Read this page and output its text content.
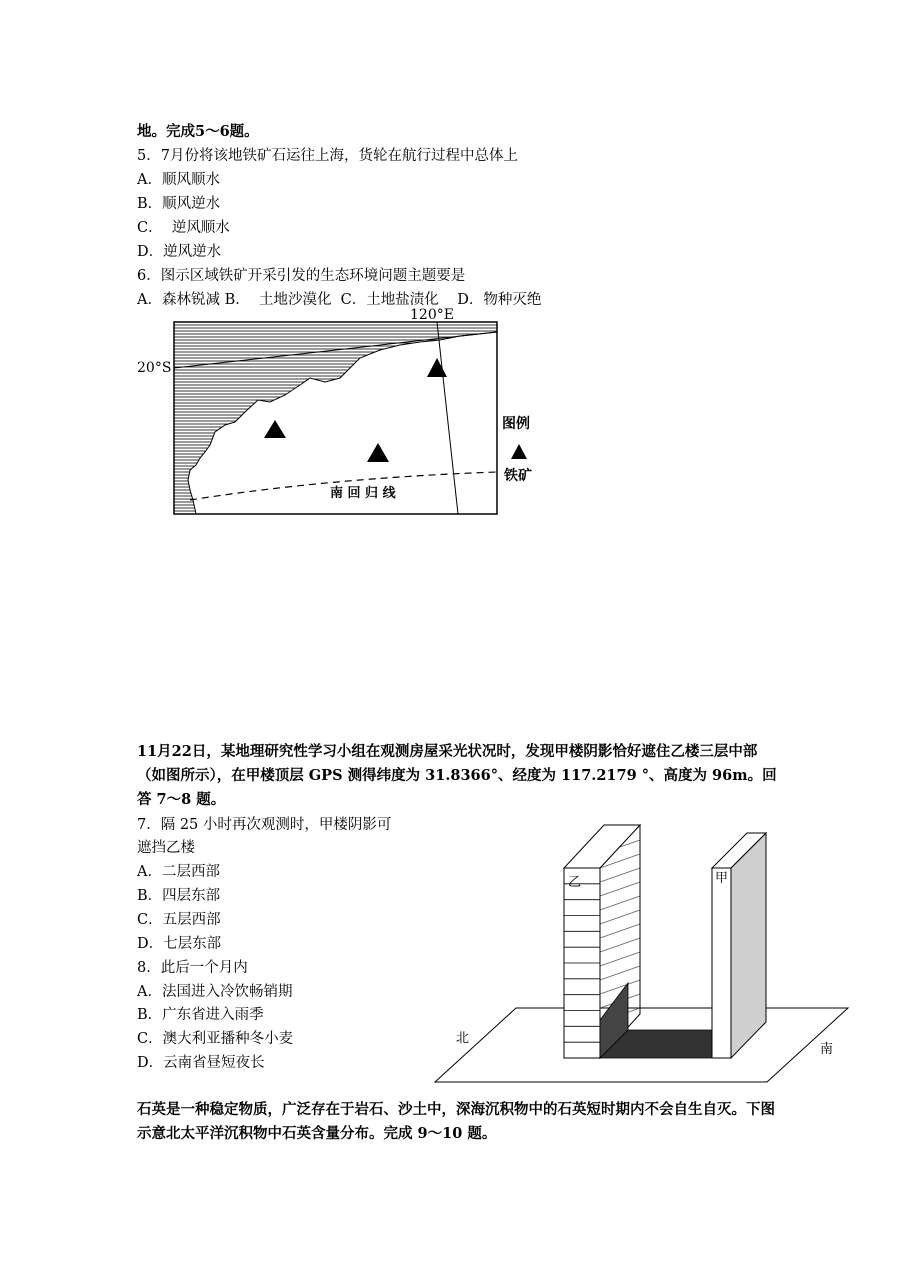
地。完成5～6题。
5．7月份将该地铁矿石运往上海，货轮在航行过程中总体上
A．顺风顺水
B．顺风逆水
C．  逆风顺水
D．逆风逆水
6．图示区域铁矿开采引发的生态环境问题主题要是
A．森林锐减 B．  土地沙漠化  C．土地盐渍化    D．物种灭绝
120°E
20°S
图例
铁矿
南 回 归 线
11月22日，某地理研究性学习小组在观测房屋采光状况时，发现甲楼阴影恰好遮住乙楼三层中部（如图所示），在甲楼顶层 GPS 测得纬度为 31.8366°、经度为 117.2179 °、高度为 96m。回答 7～8 题。
7．隔 25 小时再次观测时，甲楼阴影可
遮挡乙楼
A．二层西部
B．四层东部
C．五层西部
D．七层东部
8．此后一个月内
A．法国进入冷饮畅销期
B．广东省进入雨季
C．澳大利亚播种冬小麦
D．云南省昼短夜长
乙	甲
北
南
石英是一种稳定物质，广泛存在于岩石、沙土中，深海沉积物中的石英短时期内不会自生自灭。下图示意北太平洋沉积物中石英含量分布。完成 9～10 题。
